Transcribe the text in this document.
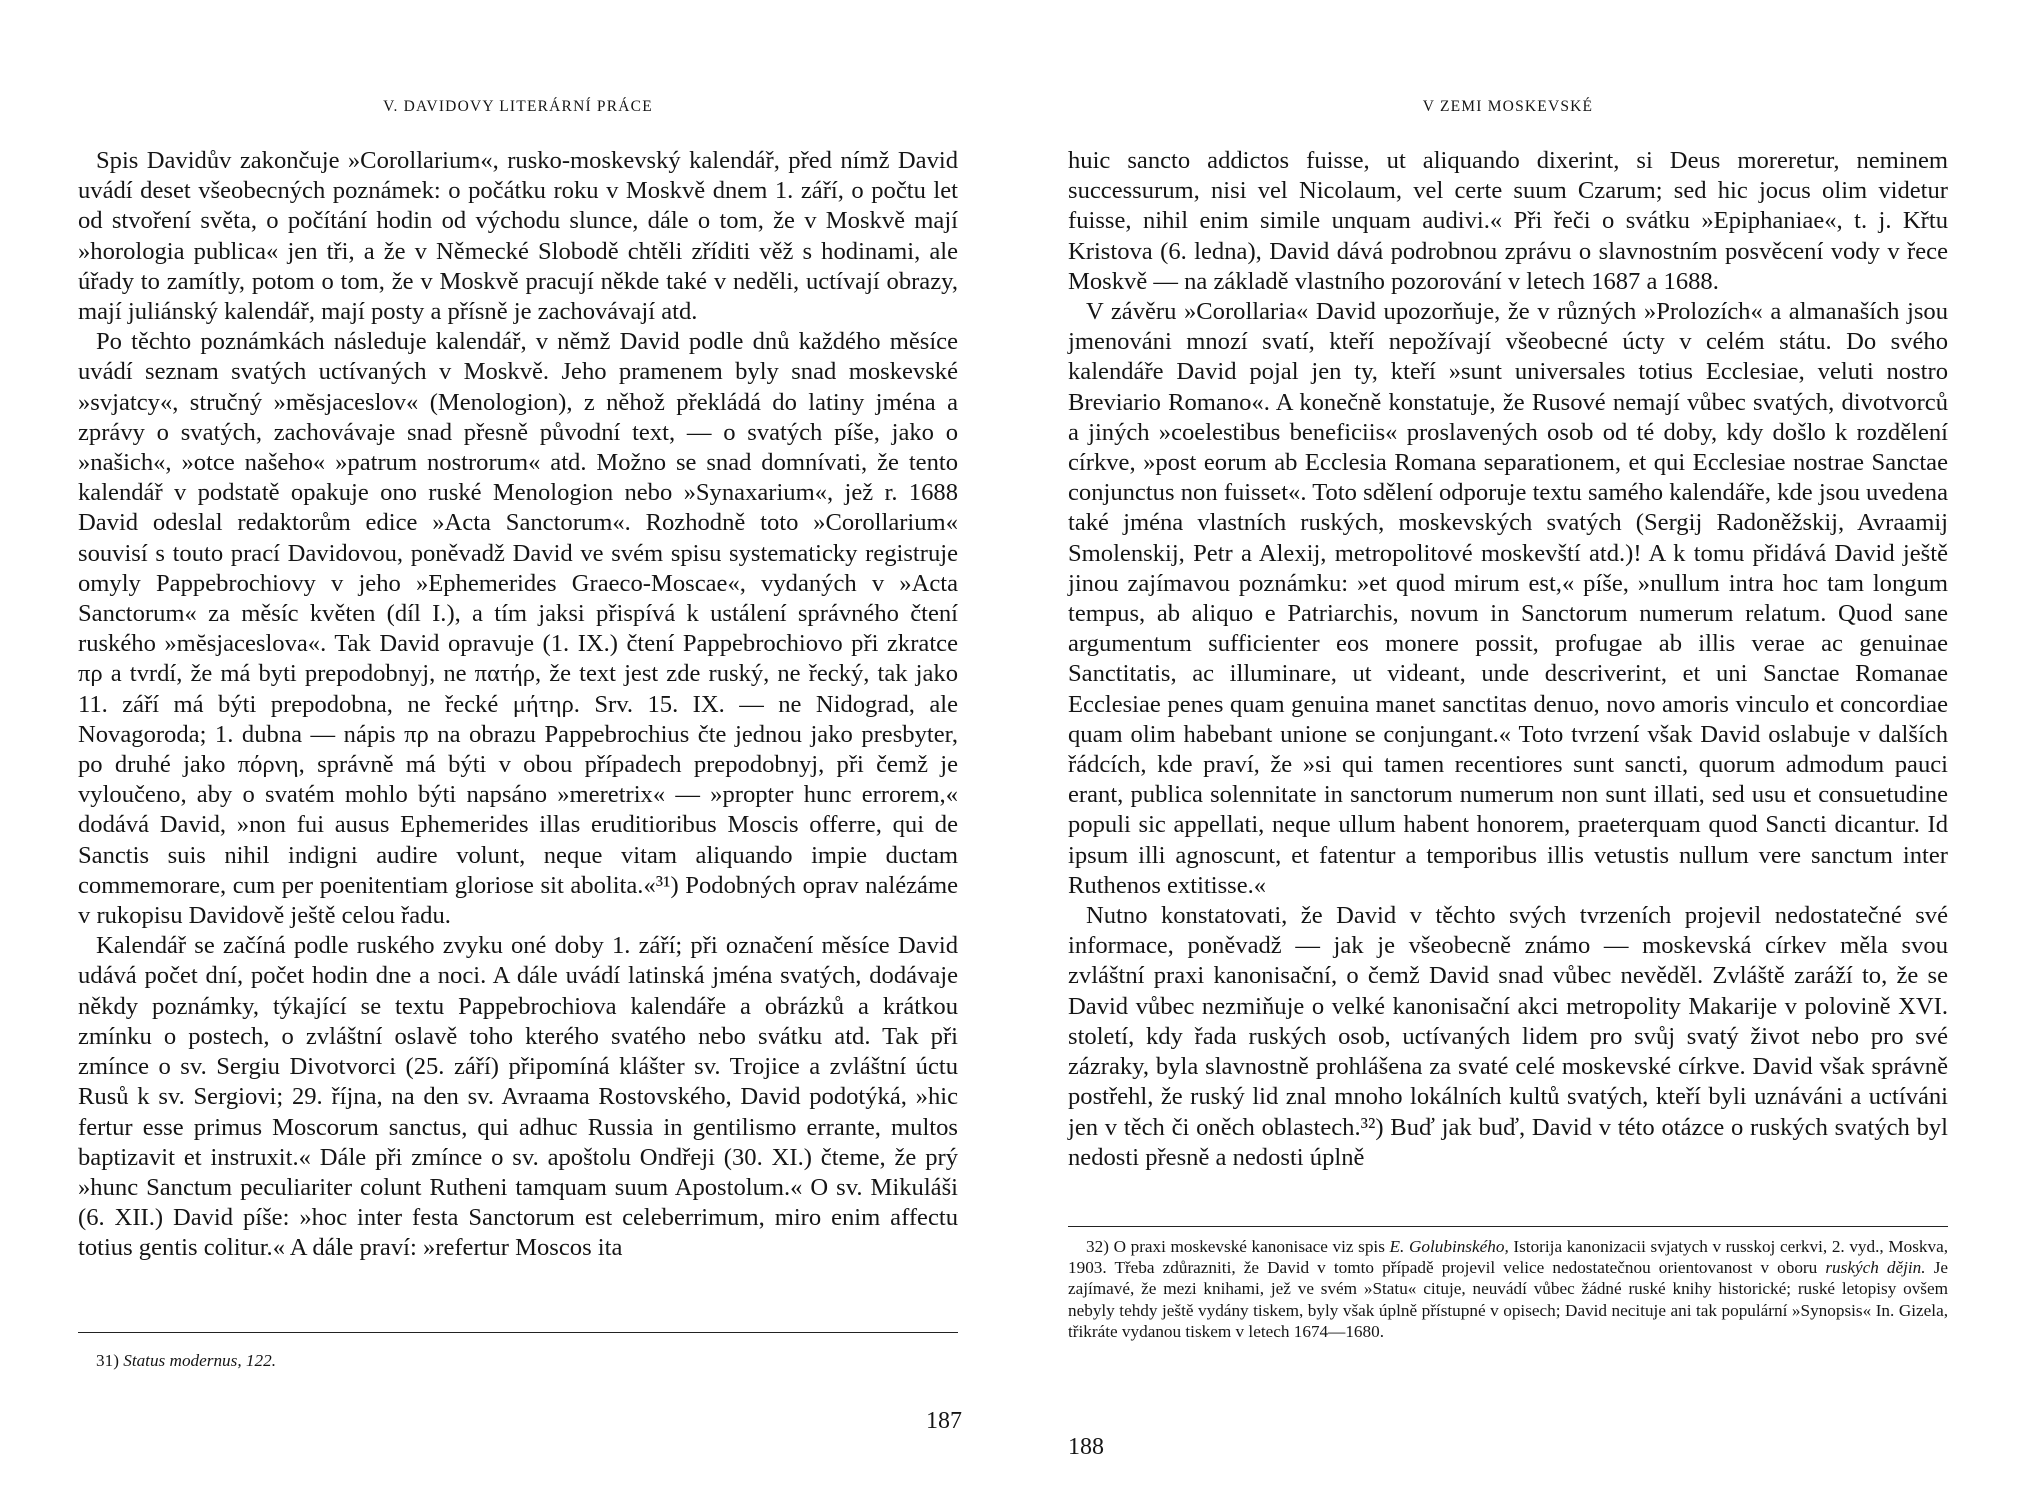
V. DAVIDOVY LITERÁRNÍ PRÁCE

Spis Davidův zakončuje »Corollarium«, rusko-moskevský kalendář, před nímž David uvádí deset všeobecných poznámek: o počátku roku v Moskvě dnem 1. září, o počtu let od stvoření světa, o počítání hodin od východu slunce, dále o tom, že v Moskvě mají »horologia publica« jen tři, a že v Německé Slobodě chtěli zříditi věž s hodinami, ale úřady to zamítly, potom o tom, že v Moskvě pracují někde také v neděli, uctívají obrazy, mají juliánský kalendář, mají posty a přísně je zachovávají atd.

Po těchto poznámkách následuje kalendář, v němž David podle dnů každého měsíce uvádí seznam svatých uctívaných v Moskvě. Jeho pramenem byly snad moskevské »svjatcy«, stručný »mĕsjaceslov« (Menologion), z něhož překládá do latiny jména a zprávy o svatých, zachovávaje snad přesně původní text, — o svatých píše, jako o »našich«, »otce našeho« »patrum nostrorum« atd. Možno se snad domnívati, že tento kalendář v podstatě opakuje ono ruské Menologion nebo »Synaxarium«, jež r. 1688 David odeslal redaktorům edice »Acta Sanctorum«. Rozhodně toto »Corollarium« souvisí s toutо prací Davidovou, poněvadž David ve svém spisu systematicky registruje omyly Pappebrochiovy v jeho »Ephemerides Graeco-Moscae«, vydaných v »Acta Sanctorum« za měsíc květen (díl I.), a tím jaksi přispívá k ustálení správného čtení ruského »mĕsjaceslova«. Tak David opravuje (1. IX.) čtení Pappebrochiovo při zkratce πρ a tvrdí, že má byti prepodobnyj, ne πατήρ, že text jest zde ruský, ne řecký, tak jako 11. září má býti prepodobna, ne řecké μήτηρ. Srv. 15. IX. — ne Nidograd, ale Novagoroda; 1. dubna — nápis πρ na obrazu Pappebrochius čte jednou jako presbyter, po druhé jako πόρνη, správně má býti v obou případech prepodobnyj, při čemž je vyloučeno, aby o svatém mohlo býti napsáno »meretrix« — »propter hunc errorem,« dodává David, »non fui ausus Ephemerides illas eruditioribus Moscis offerre, qui de Sanctis suis nihil indigni audire volunt, neque vitam aliquando impie ductam commemorare, cum per poenitentiam gloriose sit abolita.«³¹) Podobných oprav nalézáme v rukopisu Davidově ještě celou řadu.

Kalendář se začíná podle ruského zvyku oné doby 1. září; při označení měsíce David udává počet dní, počet hodin dne a noci. A dále uvádí latinská jména svatých, dodávaje někdy poznámky, týkající se textu Pappebrochiova kalendáře a obrázků a krátkou zmínku o postech, o zvláštní oslavě toho kterého svatého nebo svátku atd. Tak při zmínce o sv. Sergiu Divotvorci (25. září) připomíná klášter sv. Trojice a zvláštní úctu Rusů k sv. Sergiovi; 29. října, na den sv. Avraama Rostovského, David podotýká, »hic fertur esse primus Moscorum sanctus, qui adhuc Russia in gentilismo errante, multos baptizavit et instruxit.« Dále při zmínce o sv. apoštolu Ondřeji (30. XI.) čteme, že prý »hunc Sanctum peculiariter colunt Rutheni tamquam suum Apostolum.« O sv. Mikuláši (6. XII.) David píše: »hoc inter festa Sanctorum est celeberrimum, miro enim affectu totius gentis colitur.« A dále praví: »refertur Moscos ita

31) Status modernus, 122.

187
V ZEMI MOSKEVSKÉ

huic sancto addictos fuisse, ut aliquando dixerint, si Deus moreretur, neminem successurum, nisi vel Nicolaum, vel certe suum Czarum; sed hic jocus olim videtur fuisse, nihil enim simile unquam audivi.« Při řeči o svátku »Epiphaniae«, t. j. Křtu Kristova (6. ledna), David dává podrobnou zprávu o slavnostním posvěcení vody v řece Moskvě — na základě vlastního pozorování v letech 1687 a 1688.

V závěru »Corollaria« David upozorňuje, že v různých »Prolozích« a almanaších jsou jmenováni mnozí svatí, kteří nepožívají všeobecné úcty v celém státu. Do svého kalendáře David pojal jen ty, kteří »sunt universales totius Ecclesiae, veluti nostro Breviario Romano«. A konečně konstatuje, že Rusové nemají vůbec svatých, divotvorců a jiných »coelestibus beneficiis« proslavených osob od té doby, kdy došlo k rozdělení církve, »post eorum ab Ecclesia Romana separationem, et qui Ecclesiae nostrae Sanctae conjunctus non fuisset«. Toto sdělení odporuje textu samého kalendáře, kde jsou uvedena také jména vlastních ruských, moskevských svatých (Sergij Radoněžskij, Avraamij Smolenskij, Petr a Alexij, metropolitové moskevští atd.)! A k tomu přidává David ještě jinou zajímavou poznámku: »et quod mirum est,« píše, »nullum intra hoc tam longum tempus, ab aliquo e Patriarchis, novum in Sanctorum numerum relatum. Quod sane argumentum sufficienter eos monere possit, profugae ab illis verae ac genuinae Sanctitatis, ac illuminare, ut videant, unde descriverint, et uni Sanctae Romanae Ecclesiae penes quam genuina manet sanctitas denuo, novo amoris vinculo et concordiae quam olim habebant unione se conjungant.« Toto tvrzení však David oslabuje v dalších řádcích, kde praví, že »si qui tamen recentiores sunt sancti, quorum admodum pauci erant, publica solennitate in sanctorum numerum non sunt illati, sed usu et consuetudine populi sic appellati, neque ullum habent honorem, praeterquam quod Sancti dicantur. Id ipsum illi agnoscunt, et fatentur a temporibus illis vetustis nullum vere sanctum inter Ruthenos extitisse.«

Nutno konstatovati, že David v těchto svých tvrzeních projevil nedostatečné své informace, poněvadž — jak je všeobecně známo — moskevská církev měla svou zvláštní praxi kanonisační, o čemž David snad vůbec nevěděl. Zvláště zaráží to, že se David vůbec nezmiňuje o velké kanonisační akci metropolity Makarije v polovině XVI. století, kdy řada ruských osob, uctívaných lidem pro svůj svatý život nebo pro své zázraky, byla slavnostně prohlášena za svaté celé moskevské církve. David však správně postřehl, že ruský lid znal mnoho lokálních kultů svatých, kteří byli uznáváni a uctíváni jen v těch či oněch oblastech.³²) Buď jak buď, David v této otázce o ruských svatých byl nedosti přesně a nedosti úplně

32) O praxi moskevské kanonisace viz spis E. Golubinského, Istorija kanonizacii svjatych v russkoj cerkvi, 2. vyd., Moskva, 1903. Třeba zdůrazniti, že David v tomto případě projevil velice nedostatečnou orientovanost v oboru ruských dějin. Je zajímavé, že mezi knihami, jež ve svém »Statu« cituje, neuvádí vůbec žádné ruské knihy historické; ruské letopisy ovšem nebyly tehdy ještě vydány tiskem, byly však úplně přístupné v opisech; David necituje ani tak populární »Synopsis« In. Gizela, třikráte vydanou tiskem v letech 1674—1680.

188
